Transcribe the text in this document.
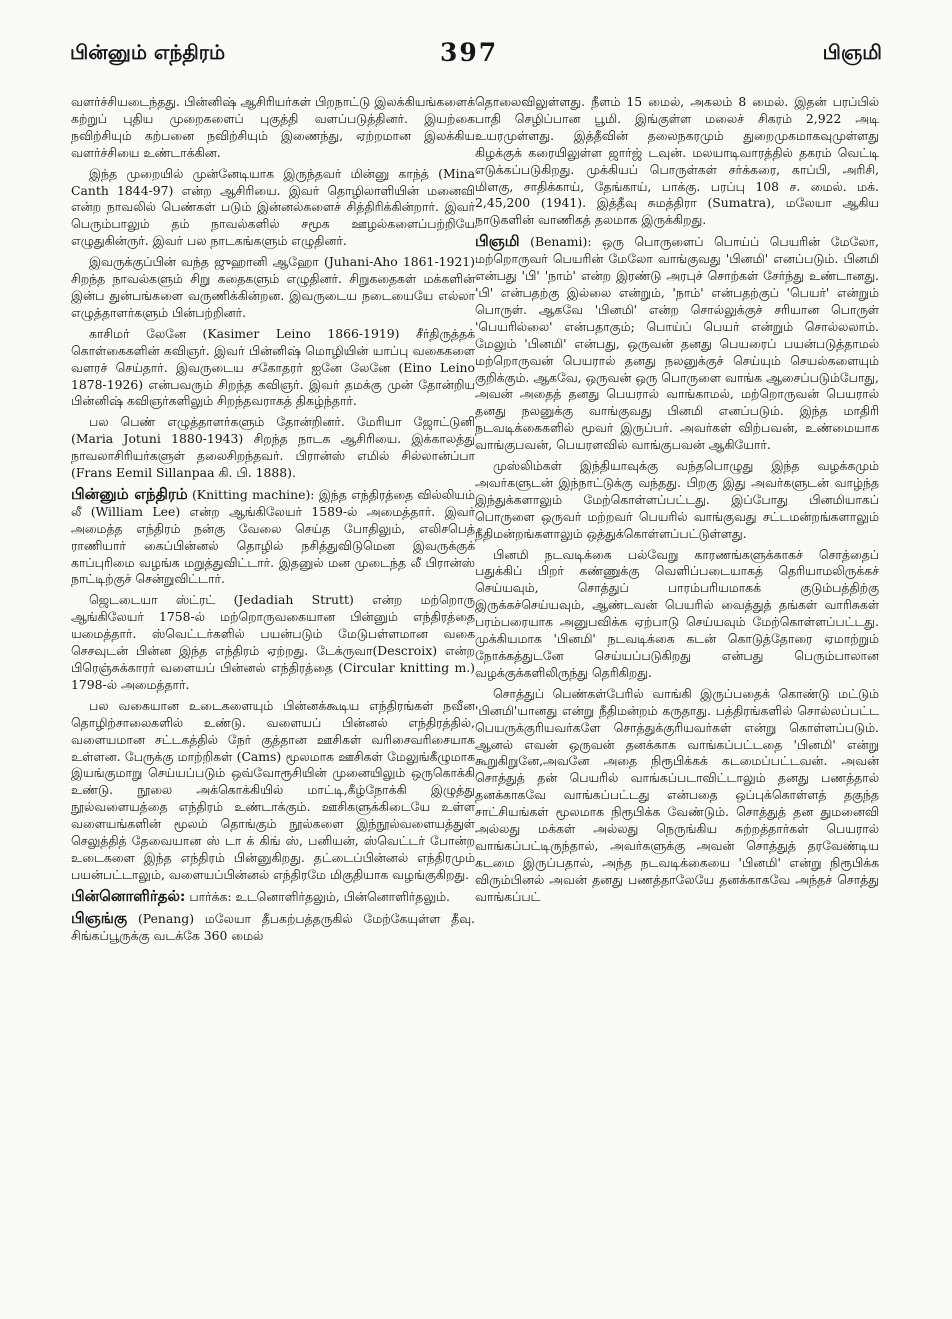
பின்னும் எந்திரம்	397	பிஞமி

வளர்ச்சியடைந்தது. பின்னிஷ் ஆசிரியர்கள் பிறநாட்டு இலக்கியங்களைக் கற்றுப் புதிய முறைகளைப் புகுத்தி வளப்படுத்தினர். இயற்கை நவிற்சியும் கற்பனை நவிற்சியும் இணைந்து, ஏற்றமான இலக்கிய வளர்ச்சியை உண்டாக்கின.

இந்த முறையில் முன்னேடியாக இருந்தவர் மின்னு காந்த் (Mina Canth 1844-97) என்ற ஆசிரியை. இவர் தொழிலாளியின் மனைவி என்ற நாவலில் பெண்கள் படும் இன்னல்களைச் சித்திரிக்கின்றார். இவர் பெரும்பாலும் தம் நாவல்களில் சமூக ஊழல்களைப்பற்றியே எழுதுகின்ருர். இவர் பல நாடகங்களும் எழுதினர்.

இவருக்குப்பின் வந்த ஜுஹானி ஆஹோ (Juhani-Aho 1861-1921) சிறந்த நாவல்களும் சிறு கதைகளும் எழுதினர். சிறுகதைகள் மக்களின் இன்ப துன்பங்களை வருணிக்கின்றன. இவருடைய நடையையே எல்லா எழுத்தாளர்களும் பின்பற்றினர்.

காசிமர் லேனே (Kasimer Leino 1866-1919) சீர்திருத்தக் கொள்கைகளின் கவிஞர். இவர் பின்னிஷ் மொழியின் யாப்பு வகைகளை வளரச் செய்தார். இவருடைய சகோதரர் ஐனே லேனே (Eino Leino 1878-1926) என்பவரும் சிறந்த கவிஞர். இவர் தமக்கு முன் தோன்றிய பின்னிஷ் கவிஞர்களிலும் சிறந்தவராகத் திகழ்ந்தார்.

பல பெண் எழுத்தாளர்களும் தோன்றினர். மேரியா ஜோட்டுனி (Maria Jotuni 1880-1943) சிறந்த நாடக ஆசிரியை. இக்காலத்து நாவலாசிரியர்களுள் தலைசிறந்தவர். பிரான்ஸ் எமில் சில்லான்ப்பா (Frans Eemil Sillanpaa கி. பி. 1888).

பின்னும் எந்திரம் (Knitting machine): இந்த எந்திரத்தை வில்லியம் லீ (William Lee) என்ற ஆங்கிலேயர் 1589-ல் அமைத்தார். இவர் அமைத்த எந்திரம் நன்கு வேலை செய்த போதிலும், எலிசபெத் ராணியார் கைப்பின்னல் தொழில் நசித்துவிடுமென இவருக்குக் காப்புரிமை வழங்க மறுத்துவிட்டார். இதனுல் மன முடைந்த லீ பிரான்ஸ் நாட்டிற்குச் சென்றுவிட்டார்.

ஜெடடையா ஸ்ட்ரட் (Jedadiah Strutt) என்ற மற்றொரு ஆங்கிலேயர் 1758-ல் மற்றொருவகையான பின்னும் எந்திரத்தை யமைத்தார். ஸ்வெட்டர்களில் பயன்படும் மேடுபள்ளமான வகை செசவுடன் பின்ன இந்த எந்திரம் ஏற்றது. டேக்ருவா(Descroix) என்ற பிரெஞ்சுக்காரர் வளையப் பின்னல் எந்திரத்தை (Circular knitting m.) 1798-ல் அமைத்தார்.

பல வகையான உடைகளையும் பின்னக்கூடிய எந்திரங்கள் நவீன தொழிற்சாலைகளில் உண்டு. வளையப் பின்னல் எந்திரத்தில், வளையமான சட்டகத்தில் நேர் குத்தான ஊசிகள் வரிசைவரிசையாக உள்ளன. பேருக்கு மாற்றிகள் (Cams) மூலமாக ஊசிகள் மேலுங்கீழுமாக இயங்குமாறு செய்யப்படும் ஒவ்வோரூசியின் முனையிலும் ஒருகொக்கி உண்டு. நூலை அக்கொக்கியில் மாட்டி,கீழ்நோக்கி இழுத்து நூல்வளையத்தை எந்திரம் உண்டாக்கும். ஊசிகளுக்கிடையே உள்ள வளையங்களின் மூலம் தொங்கும் நூல்களை இந்நூல்வளையத்துள் செலுத்தித் தேவையான ஸ் டா க் கிங் ஸ், பனியன், ஸ்வெட்டர் போன்ற உடைகளை இந்த எந்திரம் பின்னுகிறது. தட்டைப்பின்னல் எந்திரமும் பயன்பட்டாலும், வளையப்பின்னல் எந்திரமே மிகுதியாக வழங்குகிறது.

பின்னொளிர்தல்: பார்க்க: உடனொளிர்தலும், பின்னொளிர்தலும்.

பிஞங்கு (Penang) மலேயா தீபகற்பத்தருகில் மேற்கேயுள்ள தீவு. சிங்கப்பூருக்கு வடக்கே 360 மைல்

தொலைவிலுள்ளது. நீளம் 15 மைல், அகலம் 8 மைல். இதன் பரப்பில் பாதி செழிப்பான பூமி. இங்குள்ள மலைச் சிகரம் 2,922 அடி உயரமுள்ளது. இத்தீவின் தலைநகரமும் துறைமுகமாகவுமுள்ளது கிழக்குக் கரையிலுள்ள ஜார்ஜ் டவுன். மலயாடிவாரத்தில் தகரம் வெட்டி எடுக்கப்படுகிறது. முக்கியப் பொருள்கள் சர்க்கரை, காப்பி, அரிசி, மிளகு, சாதிக்காய், தேங்காய், பாக்கு. பரப்பு 108 ச. மைல். மக். 2,45,200 (1941). இத்தீவு சுமத்திரா (Sumatra), மலேயா ஆகிய நாடுகளின் வாணிகத் தலமாக இருக்கிறது.

பிஞமி (Benami): ஒரு பொருளைப் பொய்ப் பெயரின் மேலோ, மற்றொருவர் பெயரின் மேலோ வாங்குவது 'பினமி' எனப்படும். பினமி என்பது 'பி' 'நாம்' என்ற இரண்டு அரபுச் சொற்கள் சேர்ந்து உண்டானது. 'பி' என்பதற்கு இல்லை என்றும், 'நாம்' என்பதற்குப் 'பெயர்' என்றும் பொருள். ஆகவே 'பினமி' என்ற சொல்லுக்குச் சரியான பொருள் 'பெயரில்லை' என்பதாகும்; பொய்ப் பெயர் என்றும் சொல்லலாம். மேலும் 'பினமி' என்பது, ஒருவன் தனது பெயரைப் பயன்படுத்தாமல் மற்றொருவன் பெயரால் தனது நலனுக்குச் செய்யும் செயல்களையும் குறிக்கும். ஆகவே, ஒருவன் ஒரு பொருளை வாங்க ஆசைப்படும்போது, அவன் அதைத் தனது பெயரால் வாங்காமல், மற்றொருவன் பெயரால் தனது நலனுக்கு வாங்குவது பினமி எனப்படும். இந்த மாதிரி நடவடிக்கைகளில் மூவர் இருப்பர். அவர்கள் விற்பவன், உண்மையாக வாங்குபவன், பெயரளவில் வாங்குபவன் ஆகியோர்.

முஸ்லிம்கள் இந்தியாவுக்கு வந்தபொழுது இந்த வழக்கமும் அவர்களுடன் இந்நாட்டுக்கு வந்தது. பிறகு இது அவர்களுடன் வாழ்ந்த இந்துக்களாலும் மேற்கொள்ளப்பட்டது. இப்போது பினமியாகப் பொருளை ஒருவர் மற்றவர் பெயரில் வாங்குவது சட்டமன்றங்களாலும் நீதிமன்றங்களாலும் ஒத்துக்கொள்ளப்பட்டுள்ளது.

பினமி நடவடிக்கை பல்வேறு காரணங்களுக்காகச் சொத்தைப் பதுக்கிப் பிறர் கண்ணுக்கு வெளிப்படையாகத் தெரியாமலிருக்கச் செய்யவும், சொத்துப் பாரம்பரியமாகக் குடும்பத்திற்கு இருக்கச்செய்யவும், ஆண்டவன் பெயரில் வைத்துத் தங்கள் வாரிசுகள் பரம்பரையாக அனுபவிக்க ஏற்பாடு செய்யவும் மேற்கொள்ளப்பட்டது. முக்கியமாக 'பினமி' நடவடிக்கை கடன் கொடுத்தோரை ஏமாற்றும் நோக்கத்துடனே செய்யப்படுகிறது என்பது பெரும்பாலான வழக்குக்களிலிருந்து தெரிகிறது.

சொத்துப் பெண்கள்பேரில் வாங்கி இருப்பதைக் கொண்டு மட்டும் 'பினமி'யானது என்று நீதிமன்றம் கருதாது. பத்திரங்களில் சொல்லப்பட்ட பெயருக்குரியவர்களே சொத்துக்குரியவர்கள் என்று கொள்ளப்படும். ஆனல் எவன் ஒருவன் தனக்காக வாங்கப்பட்டதை 'பினமி' என்று கூறுகிறுனே,அவனே அதை நிரூபிக்கக் கடமைப்பட்டவன். அவன் சொத்துத் தன் பெயரில் வாங்கப்படாவிட்டாலும் தனது பணத்தால் தனக்காகவே வாங்கப்பட்டது என்பதை ஒப்புக்கொள்ளத் தகுந்த சாட்சியங்கள் மூலமாக நிரூபிக்க வேண்டும். சொத்துத் தன துமனைவி அல்லது மக்கள் அல்லது நெருங்கிய சுற்றத்தார்கள் பெயரால் வாங்கப்பட்டிருந்தால், அவர்களுக்கு அவன் சொத்துத் தரவேண்டிய கடமை இருப்பதால், அந்த நடவடிக்கையை 'பினமி' என்று நிரூபிக்க விரும்பினல் அவன் தனது பணத்தாலேயே தனக்காகவே அந்தச் சொத்து வாங்கப்பட்
